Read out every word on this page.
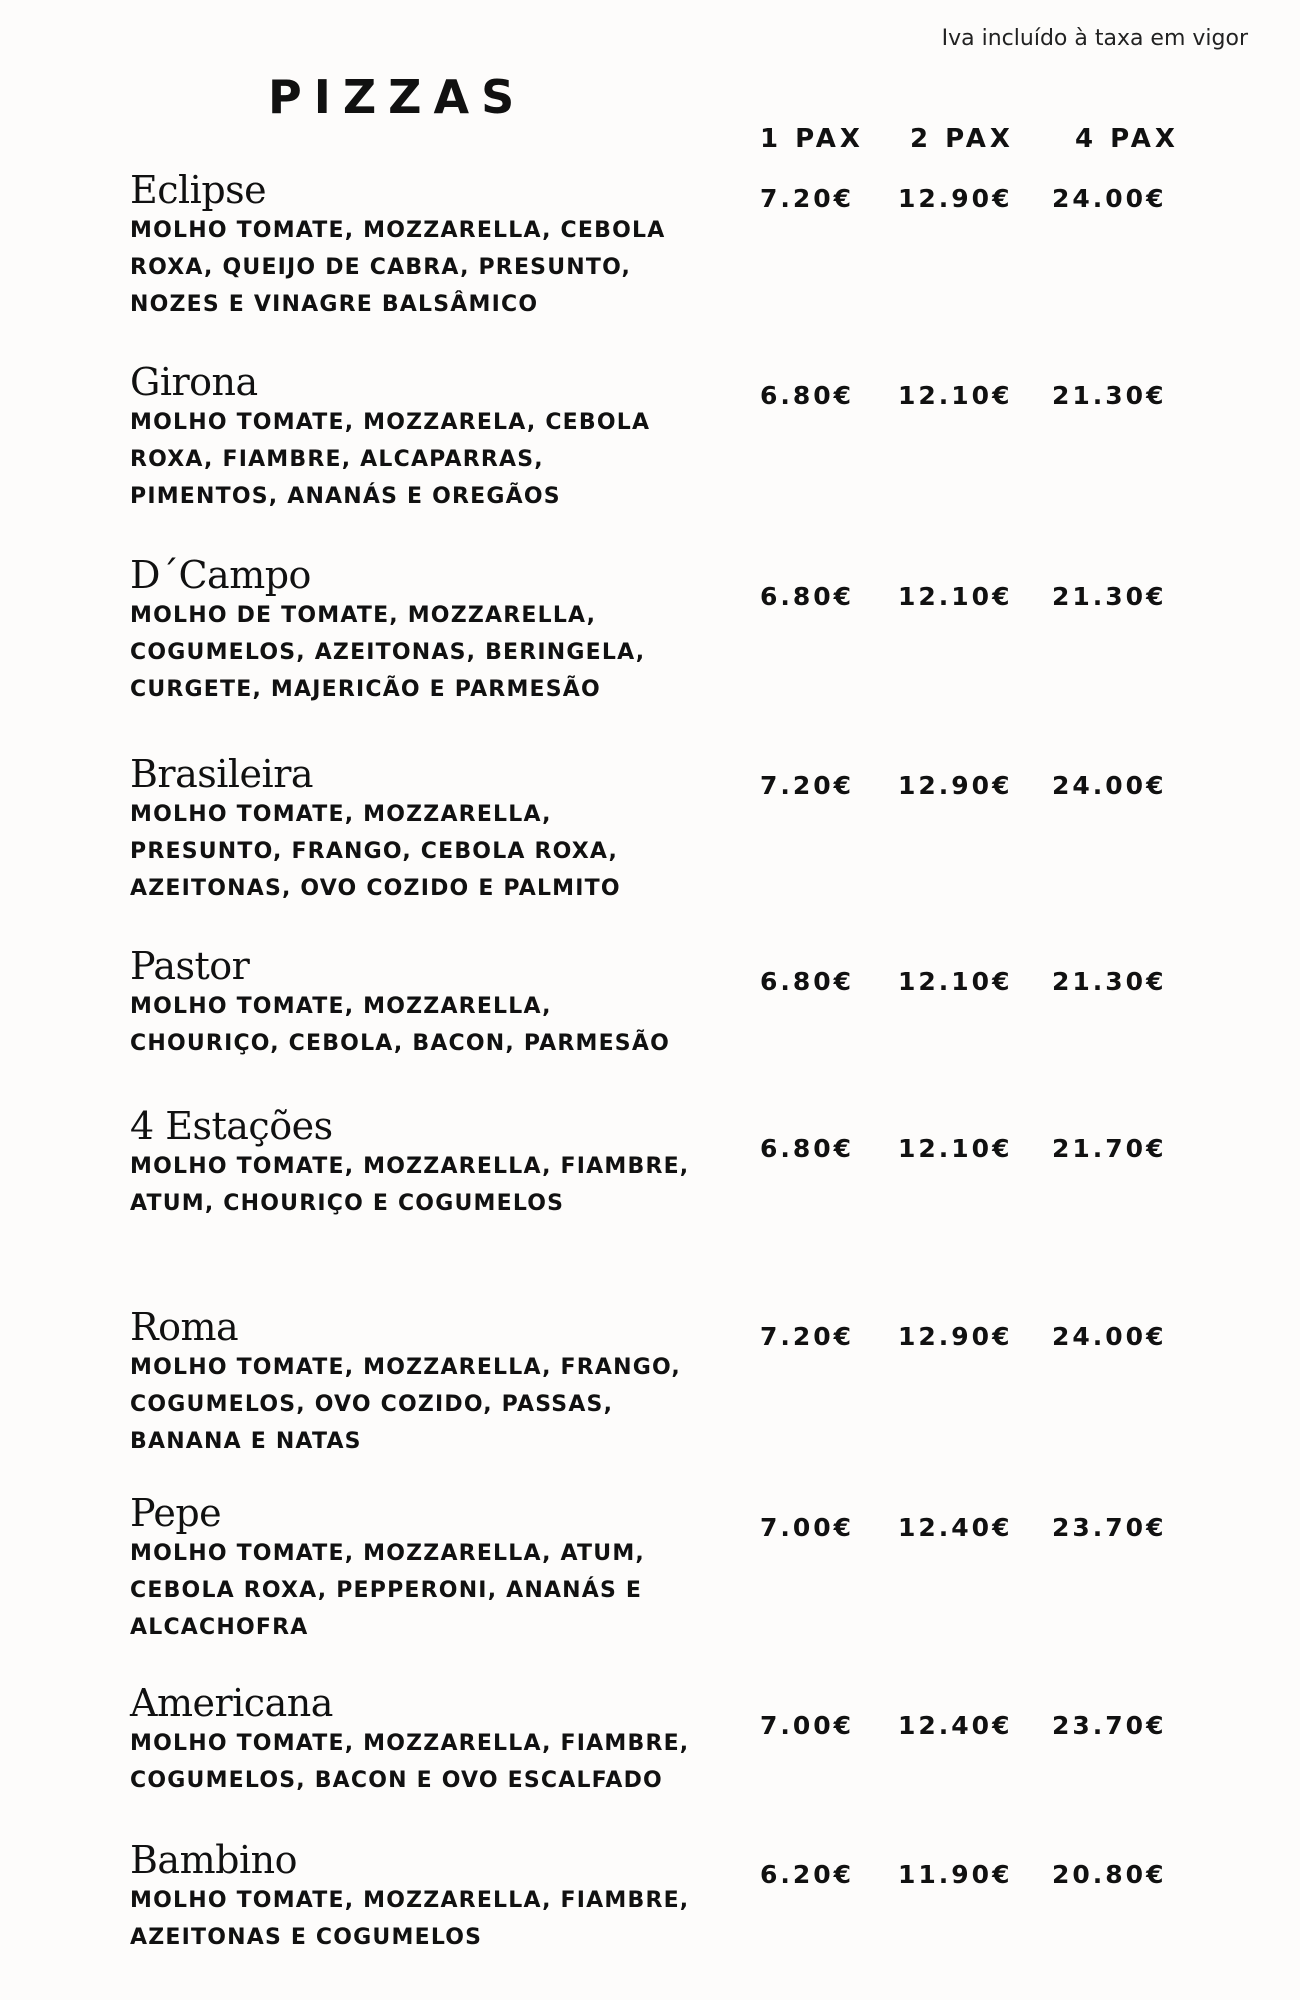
Iva incluído à taxa em vigor
PIZZAS
1 PAX 2 PAX 4 PAX
Eclipse

MOLHO TOMATE, MOZZARELLA, CEBOLA ROXA, QUEIJO DE CABRA, PRESUNTO, NOZES E VINAGRE BALSÂMICO

7.20€ 12.90€ 24.00€
Girona

MOLHO TOMATE, MOZZARELA, CEBOLA ROXA, FIAMBRE, ALCAPARRAS, PIMENTOS, ANANÁS E OREGÃOS

6.80€ 12.10€ 21.30€
D´Campo

MOLHO DE TOMATE, MOZZARELLA, COGUMELOS, AZEITONAS, BERINGELA, CURGETE, MAJERICÃO E PARMESÃO

6.80€ 12.10€ 21.30€
Brasileira

MOLHO TOMATE, MOZZARELLA, PRESUNTO, FRANGO, CEBOLA ROXA, AZEITONAS, OVO COZIDO E PALMITO

7.20€ 12.90€ 24.00€
Pastor

MOLHO TOMATE, MOZZARELLA, CHOURIÇO, CEBOLA, BACON, PARMESÃO

6.80€ 12.10€ 21.30€
4 Estações

MOLHO TOMATE, MOZZARELLA, FIAMBRE, ATUM, CHOURIÇO E COGUMELOS

6.80€ 12.10€ 21.70€
Roma

MOLHO TOMATE, MOZZARELLA, FRANGO, COGUMELOS, OVO COZIDO, PASSAS, BANANA E NATAS

7.20€ 12.90€ 24.00€
Pepe

MOLHO TOMATE, MOZZARELLA, ATUM, CEBOLA ROXA, PEPPERONI, ANANÁS E ALCACHOFRA

7.00€ 12.40€ 23.70€
Americana

MOLHO TOMATE, MOZZARELLA, FIAMBRE, COGUMELOS, BACON E OVO ESCALFADO

7.00€ 12.40€ 23.70€
Bambino

MOLHO TOMATE, MOZZARELLA, FIAMBRE, AZEITONAS E COGUMELOS

6.20€ 11.90€ 20.80€
